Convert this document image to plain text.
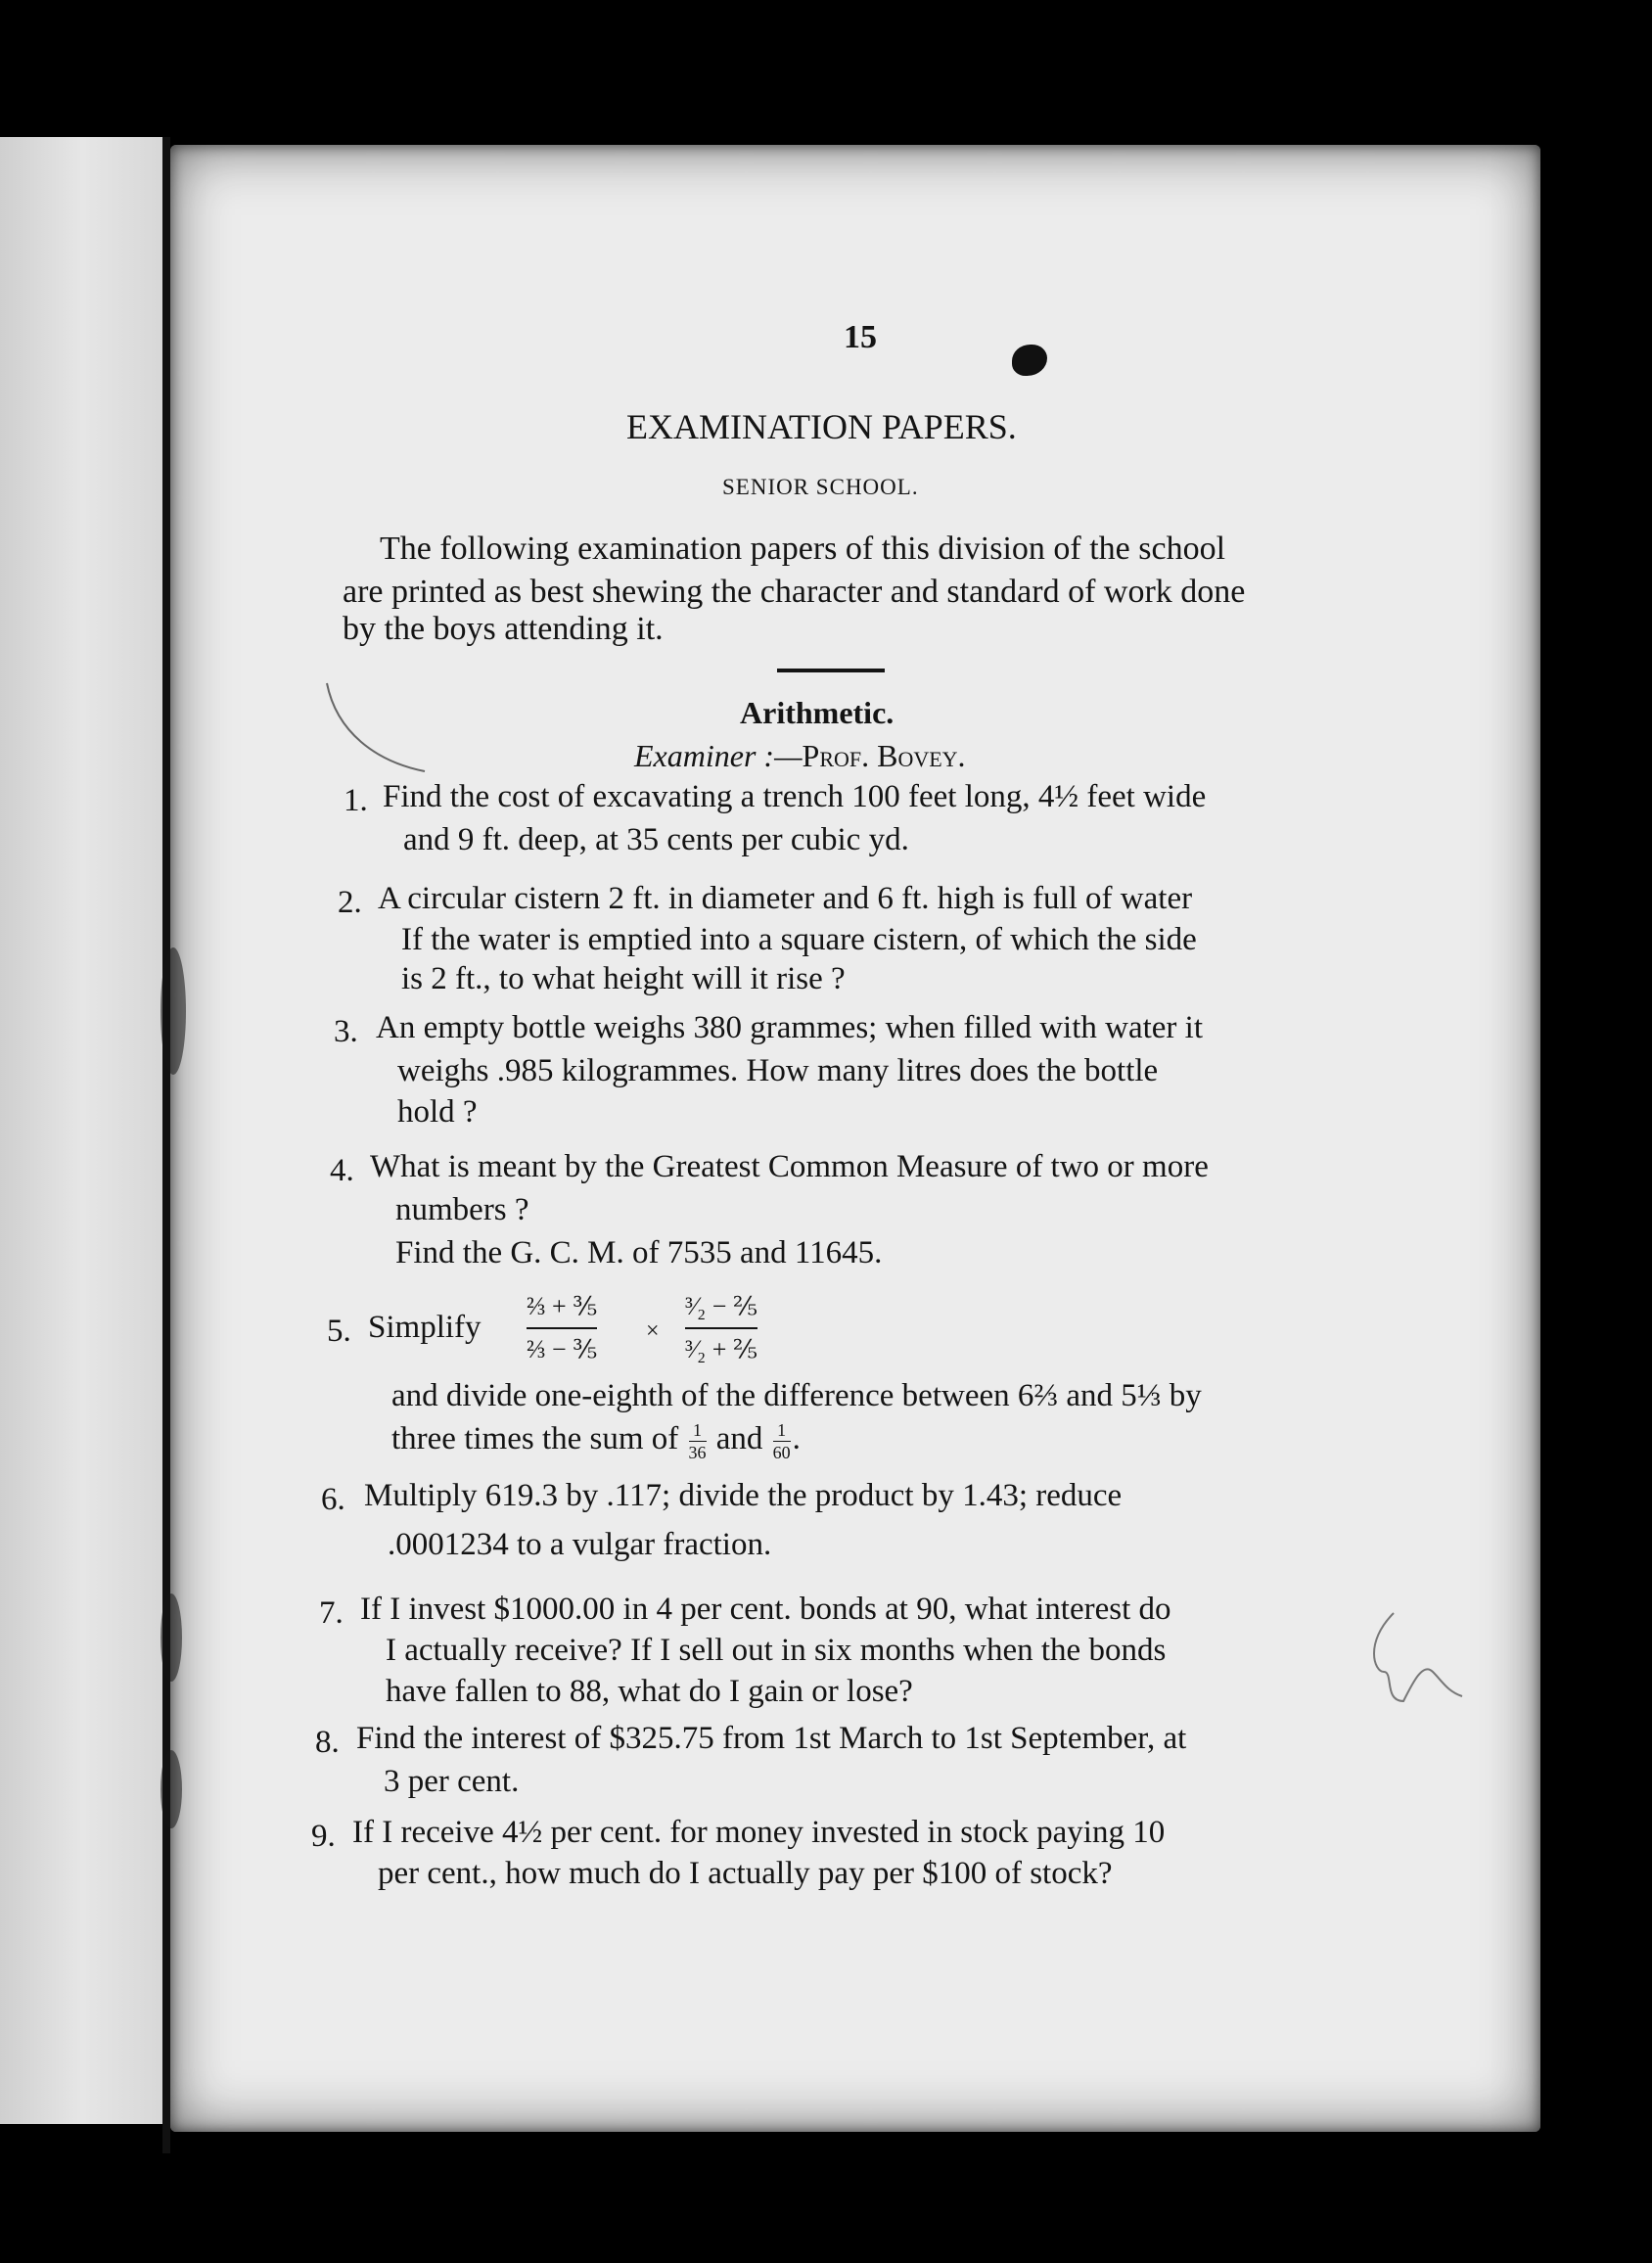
15
EXAMINATION PAPERS.
SENIOR SCHOOL.
The following examination papers of this division of the school
are printed as best shewing the character and standard of work done
by the boys attending it.
Arithmetic.
Examiner :—Prof. Bovey.
1. Find the cost of excavating a trench 100 feet long, 4½ feet wide
and 9 ft. deep, at 35 cents per cubic yd.
2. A circular cistern 2 ft. in diameter and 6 ft. high is full of water
If the water is emptied into a square cistern, of which the side
is 2 ft., to what height will it rise ?
3. An empty bottle weighs 380 grammes; when filled with water it
weighs .985 kilogrammes. How many litres does the bottle
hold ?
4. What is meant by the Greatest Common Measure of two or more
numbers ?
Find the G. C. M. of 7535 and 11645.
5. Simplify
⅔ + ⅗
⅔ − ⅗
×
³⁄₂ − ⅖
³⁄₂ + ⅖
and divide one-eighth of the difference between 6⅔ and 5⅓ by
three times the sum of $\frac{1}{36}$ and $\frac{1}{60}$ .
6. Multiply 619.3 by .117; divide the product by 1.43; reduce
.0001234 to a vulgar fraction.
7. If I invest $1000.00 in 4 per cent. bonds at 90, what interest do
I actually receive? If I sell out in six months when the bonds
have fallen to 88, what do I gain or lose?
8. Find the interest of $325.75 from 1st March to 1st September, at
3 per cent.
9. If I receive 4½ per cent. for money invested in stock paying 10
per cent., how much do I actually pay per $100 of stock?
